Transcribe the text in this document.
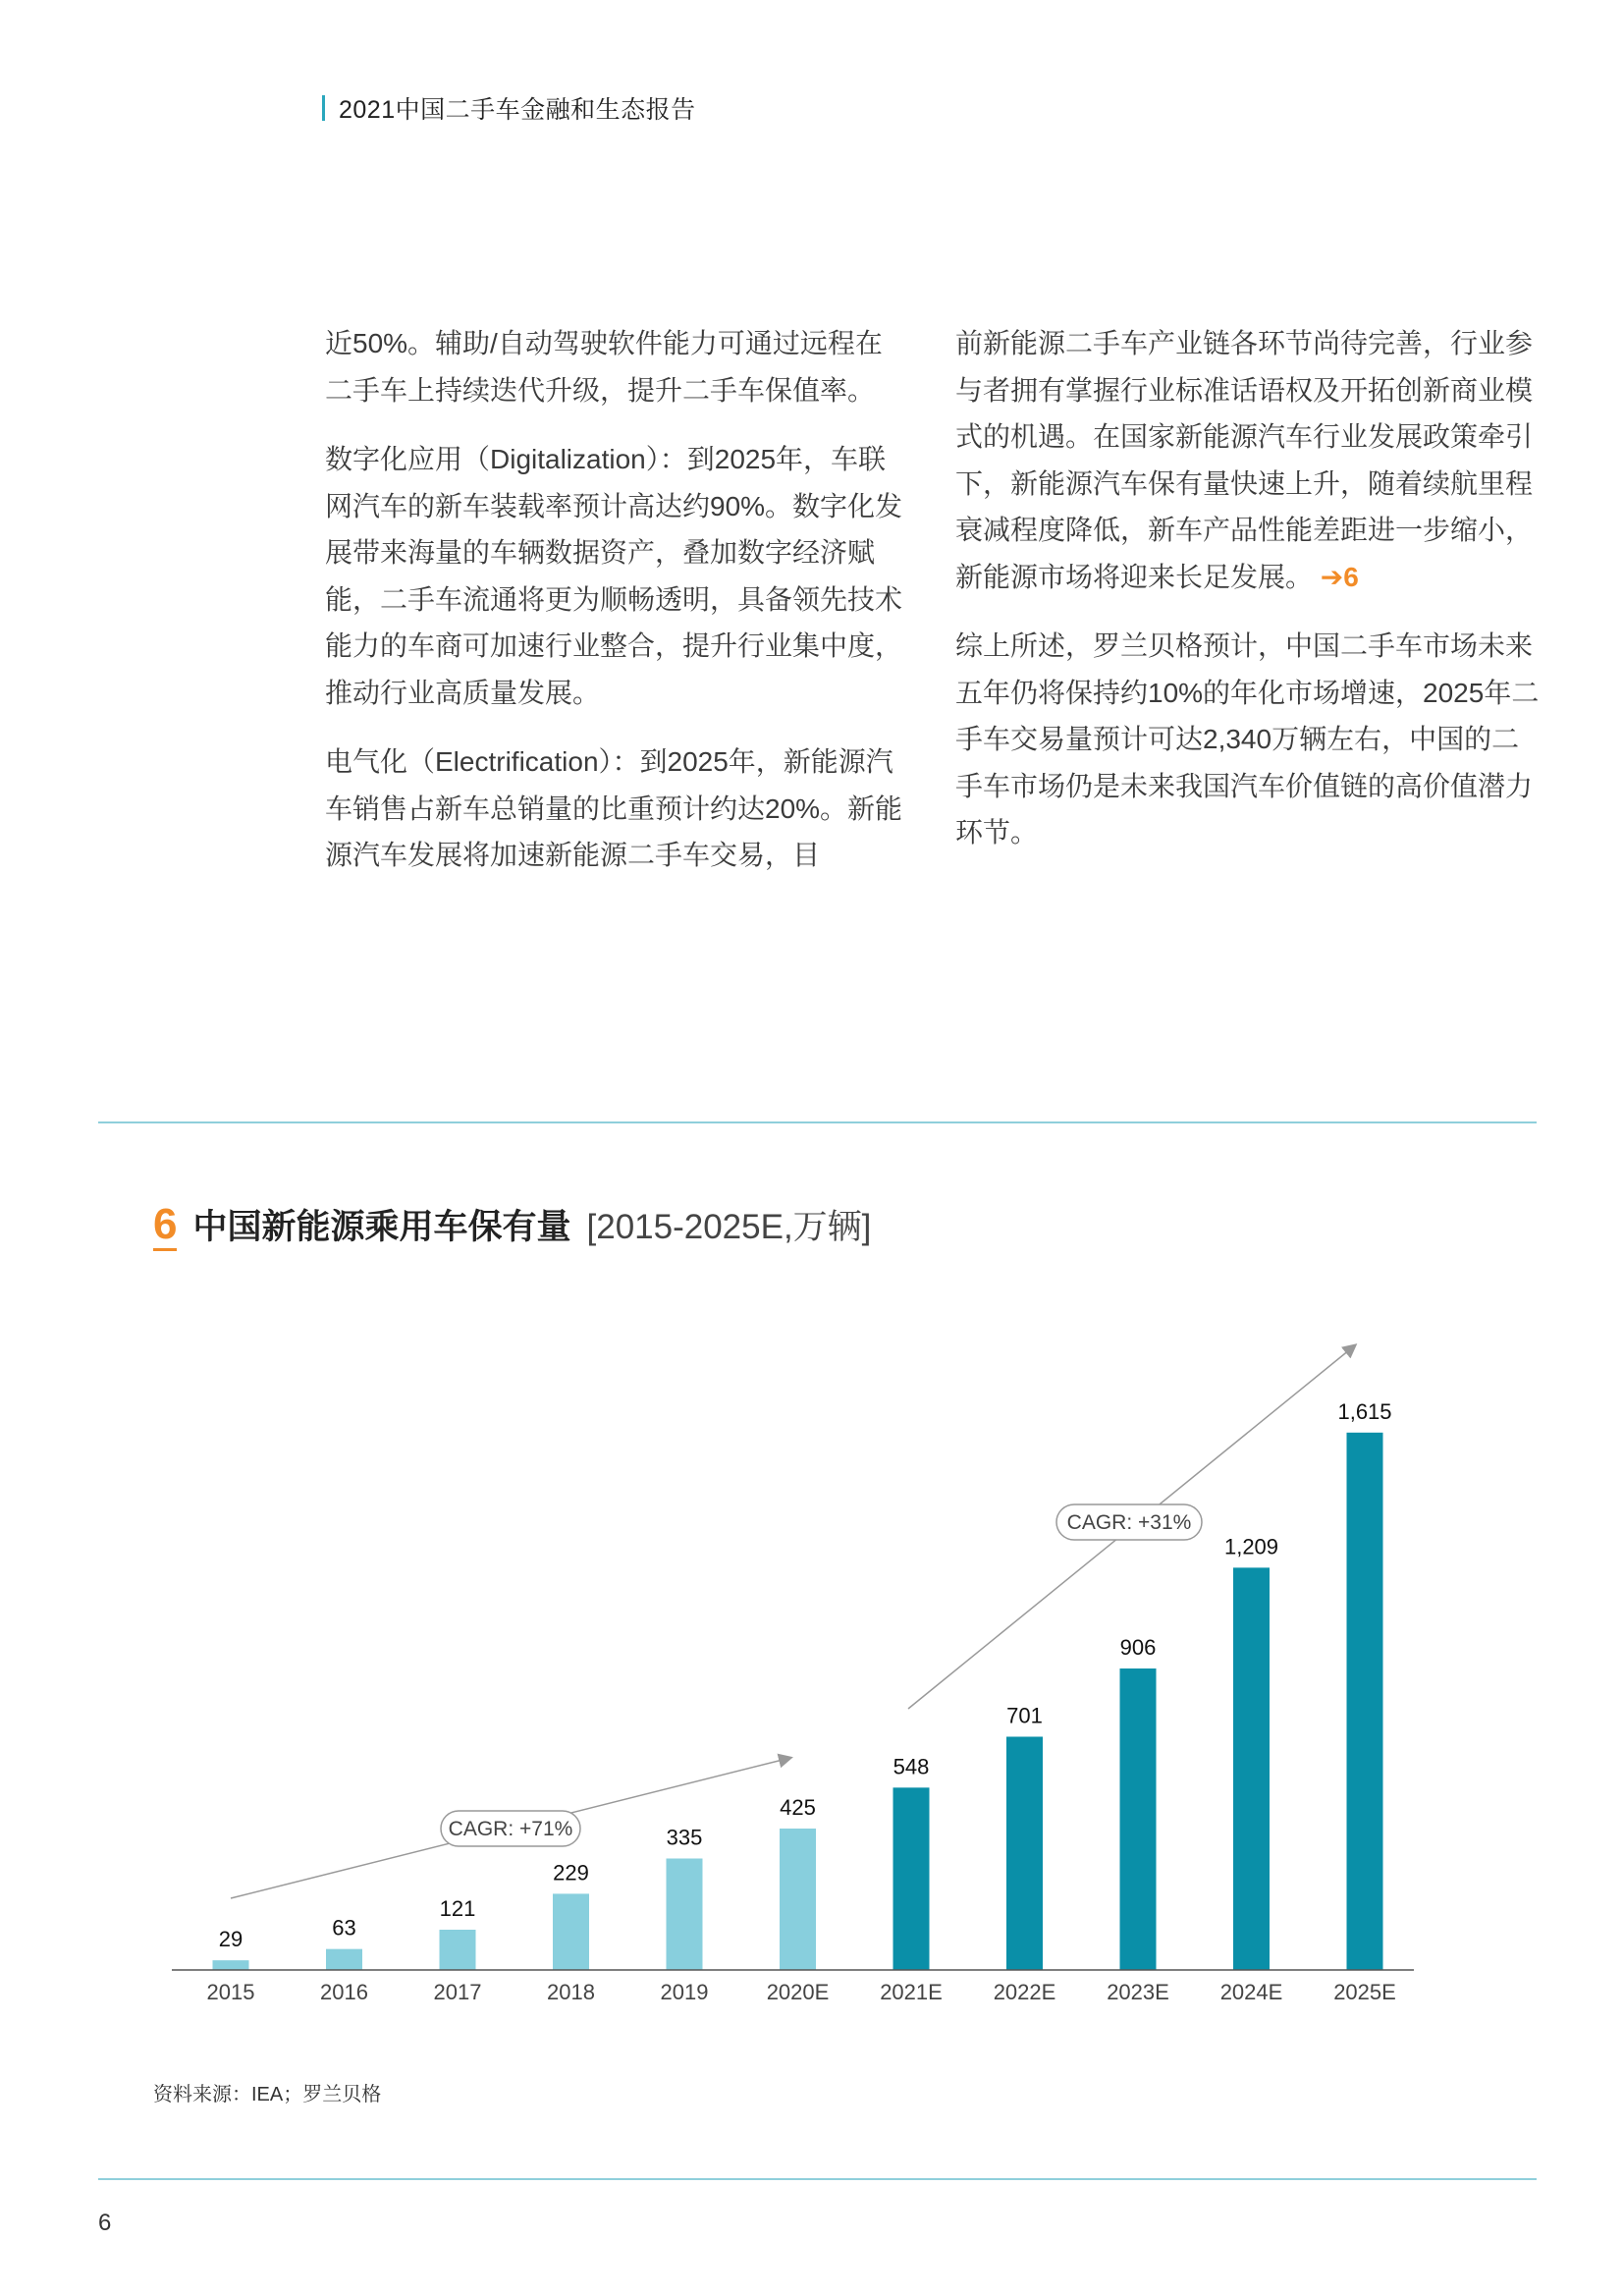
2021中国二手车金融和生态报告

近50%。辅助/自动驾驶软件能力可通过远程在二手车上持续迭代升级，提升二手车保值率。

数字化应用（Digitalization）：到2025年，车联网汽车的新车装载率预计高达约90%。数字化发展带来海量的车辆数据资产，叠加数字经济赋能，二手车流通将更为顺畅透明，具备领先技术能力的车商可加速行业整合，提升行业集中度，推动行业高质量发展。

电气化（Electrification）：到2025年，新能源汽车销售占新车总销量的比重预计约达20%。新能源汽车发展将加速新能源二手车交易，目

前新能源二手车产业链各环节尚待完善，行业参与者拥有掌握行业标准话语权及开拓创新商业模式的机遇。在国家新能源汽车行业发展政策牵引下，新能源汽车保有量快速上升，随着续航里程衰减程度降低，新车产品性能差距进一步缩小，新能源市场将迎来长足发展。 ➔6

综上所述，罗兰贝格预计，中国二手车市场未来五年仍将保持约10%的年化市场增速，2025年二手车交易量预计可达2,340万辆左右，中国的二手车市场仍是未来我国汽车价值链的高价值潜力环节。

6 中国新能源乘用车保有量 [2015-2025E,万辆]
29
2015
63
2016
121
2017
229
2018
335
2019
425
2020E
548
2021E
701
2022E
906
2023E
1,209
2024E
1,615
2025E
CAGR: +71%
CAGR: +31%
资料来源：IEA；罗兰贝格
6
